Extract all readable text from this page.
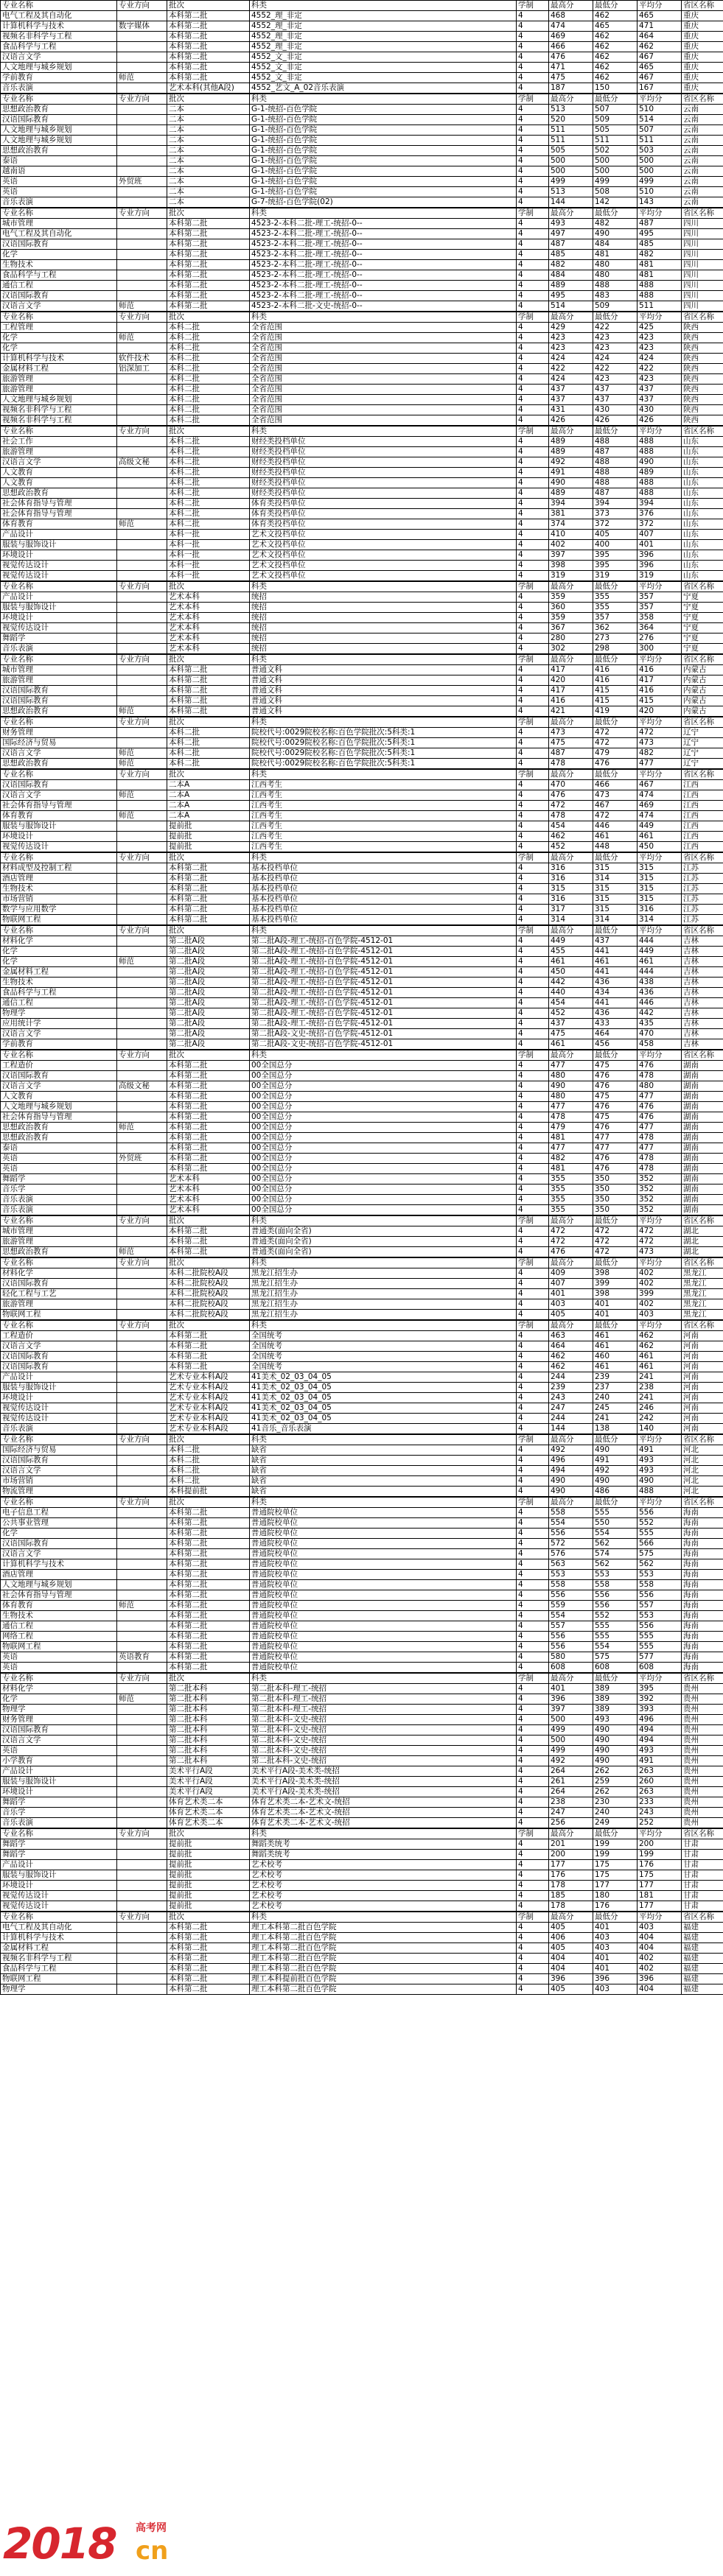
专业名称	专业方向	批次	科类	学制	最高分	最低分	平均分	省区名称
电气工程及其自动化		本科第二批	4552_理_非定	4	468	462	465	重庆
计算机科学与技术	数字媒体	本科第二批	4552_理_非定	4	474	465	471	重庆
视频名非科学与工程		本科第二批	4552_理_非定	4	469	462	464	重庆
食品科学与工程		本科第二批	4552_理_非定	4	466	462	462	重庆
汉语言文学		本科第二批	4552_文_非定	4	476	462	467	重庆
人文地理与城乡规划		本科第二批	4552_文_非定	4	471	462	465	重庆
学前教育	师范	本科第二批	4552_文_非定	4	475	462	467	重庆
音乐表演		艺术本科(其他A段)	4552_艺文_A_02音乐表演	4	187	150	167	重庆
专业名称	专业方向	批次	科类	学制	最高分	最低分	平均分	省区名称
思想政治教育		二本	G-1-统招-百色学院	4	513	507	510	云南
汉语国际教育		二本	G-1-统招-百色学院	4	520	509	514	云南
人文地理与城乡规划		二本	G-1-统招-百色学院	4	511	505	507	云南
人文地理与城乡规划		二本	G-1-统招-百色学院	4	511	511	511	云南
思想政治教育		二本	G-1-统招-百色学院	4	505	502	503	云南
泰语		二本	G-1-统招-百色学院	4	500	500	500	云南
越南语		二本	G-1-统招-百色学院	4	500	500	500	云南
英语	外贸班	二本	G-1-统招-百色学院	4	499	499	499	云南
英语		二本	G-1-统招-百色学院	4	513	508	510	云南
音乐表演		二本	G-7-统招-百色学院(02)	4	144	142	143	云南
专业名称	专业方向	批次	科类	学制	最高分	最低分	平均分	省区名称
城市管理		本科第二批	4523-2-本科二批-理工-统招-0--	4	493	482	487	四川
电气工程及其自动化		本科第二批	4523-2-本科二批-理工-统招-0--	4	497	490	495	四川
汉语国际教育		本科第二批	4523-2-本科二批-理工-统招-0--	4	487	484	485	四川
化学		本科第二批	4523-2-本科二批-理工-统招-0--	4	485	481	482	四川
生物技术		本科第二批	4523-2-本科二批-理工-统招-0--	4	482	480	481	四川
食品科学与工程		本科第二批	4523-2-本科二批-理工-统招-0--	4	484	480	481	四川
通信工程		本科第二批	4523-2-本科二批-理工-统招-0--	4	489	488	488	四川
汉语国际教育		本科第二批	4523-2-本科二批-理工-统招-0--	4	495	483	488	四川
汉语言文学	师范	本科第二批	4523-2-本科二批-文史-统招-0--	4	514	509	511	四川
专业名称	专业方向	批次	科类	学制	最高分	最低分	平均分	省区名称
工程管理		本科二批	全省范围	4	429	422	425	陕西
化学	师范	本科二批	全省范围	4	423	423	423	陕西
化学		本科二批	全省范围	4	423	423	423	陕西
计算机科学与技术	软件技术	本科二批	全省范围	4	424	424	424	陕西
金属材料工程	铝深加工	本科二批	全省范围	4	422	422	422	陕西
旅游管理		本科二批	全省范围	4	424	423	423	陕西
旅游管理		本科二批	全省范围	4	437	437	437	陕西
人文地理与城乡规划		本科二批	全省范围	4	437	437	437	陕西
视频名非科学与工程		本科二批	全省范围	4	431	430	430	陕西
视频名非科学与工程		本科二批	全省范围	4	426	426	426	陕西
专业名称	专业方向	批次	科类	学制	最高分	最低分	平均分	省区名称
社会工作		本科二批	财经类投档单位	4	489	488	488	山东
旅游管理		本科二批	财经类投档单位	4	489	487	488	山东
汉语言文学	高级文秘	本科二批	财经类投档单位	4	492	488	490	山东
人文教育		本科二批	财经类投档单位	4	491	488	489	山东
人文教育		本科二批	财经类投档单位	4	490	488	488	山东
思想政治教育		本科二批	财经类投档单位	4	489	487	488	山东
社会体育指导与管理		本科二批	体育类投档单位	4	394	394	394	山东
社会体育指导与管理		本科二批	体育类投档单位	4	381	373	376	山东
体育教育	师范	本科二批	体育类投档单位	4	374	372	372	山东
产品设计		本科一批	艺术文投档单位	4	410	405	407	山东
服装与服饰设计		本科一批	艺术文投档单位	4	402	400	401	山东
环境设计		本科一批	艺术文投档单位	4	397	395	396	山东
视觉传达设计		本科一批	艺术文投档单位	4	398	395	396	山东
视觉传达设计		本科一批	艺术文投档单位	4	319	319	319	山东
专业名称	专业方向	批次	科类	学制	最高分	最低分	平均分	省区名称
产品设计		艺术本科	统招	4	359	355	357	宁夏
服装与服饰设计		艺术本科	统招	4	360	355	357	宁夏
环境设计		艺术本科	统招	4	359	357	358	宁夏
视觉传达设计		艺术本科	统招	4	367	362	364	宁夏
舞蹈学		艺术本科	统招	4	280	273	276	宁夏
音乐表演		艺术本科	统招	4	302	298	300	宁夏
专业名称	专业方向	批次	科类	学制	最高分	最低分	平均分	省区名称
城市管理		本科第二批	普通文科	4	417	416	416	内蒙古
旅游管理		本科第二批	普通文科	4	420	416	417	内蒙古
汉语国际教育		本科第二批	普通文科	4	417	415	416	内蒙古
汉语国际教育		本科第二批	普通文科	4	416	415	415	内蒙古
思想政治教育	师范	本科第二批	普通文科	4	421	419	420	内蒙古
专业名称	专业方向	批次	科类	学制	最高分	最低分	平均分	省区名称
财务管理		本科二批	院校代号:0029院校名称:百色学院批次:5科类:1	4	473	472	472	辽宁
国际经济与贸易		本科二批	院校代号:0029院校名称:百色学院批次:5科类:1	4	475	472	473	辽宁
汉语言文学	师范	本科二批	院校代号:0029院校名称:百色学院批次:5科类:1	4	487	479	482	辽宁
思想政治教育	师范	本科二批	院校代号:0029院校名称:百色学院批次:5科类:1	4	478	476	477	辽宁
专业名称	专业方向	批次	科类	学制	最高分	最低分	平均分	省区名称
汉语国际教育		二本A	江西考生	4	470	466	467	江西
汉语言文学	师范	二本A	江西考生	4	476	473	474	江西
社会体育指导与管理		二本A	江西考生	4	472	467	469	江西
体育教育	师范	二本A	江西考生	4	478	472	474	江西
服装与服饰设计		提前批	江西考生	4	454	446	449	江西
环境设计		提前批	江西考生	4	462	461	461	江西
视觉传达设计		提前批	江西考生	4	452	448	450	江西
专业名称	专业方向	批次	科类	学制	最高分	最低分	平均分	省区名称
材料成型及控制工程		本科第二批	基本投档单位	4	316	315	315	江苏
酒店管理		本科第二批	基本投档单位	4	316	314	315	江苏
生物技术		本科第二批	基本投档单位	4	315	315	315	江苏
市场营销		本科第二批	基本投档单位	4	316	315	315	江苏
数学与应用数学		本科第二批	基本投档单位	4	317	315	316	江苏
物联网工程		本科第二批	基本投档单位	4	314	314	314	江苏
专业名称	专业方向	批次	科类	学制	最高分	最低分	平均分	省区名称
材料化学		第二批A段	第二批A段-理工-统招-百色学院-4512-01	4	449	437	444	吉林
化学		第二批A段	第二批A段-理工-统招-百色学院-4512-01	4	455	441	449	吉林
化学	师范	第二批A段	第二批A段-理工-统招-百色学院-4512-01	4	461	461	461	吉林
金属材料工程		第二批A段	第二批A段-理工-统招-百色学院-4512-01	4	450	441	444	吉林
生物技术		第二批A段	第二批A段-理工-统招-百色学院-4512-01	4	442	436	438	吉林
食品科学与工程		第二批A段	第二批A段-理工-统招-百色学院-4512-01	4	440	434	436	吉林
通信工程		第二批A段	第二批A段-理工-统招-百色学院-4512-01	4	454	441	446	吉林
物理学		第二批A段	第二批A段-理工-统招-百色学院-4512-01	4	452	436	442	吉林
应用统计学		第二批A段	第二批A段-理工-统招-百色学院-4512-01	4	437	433	435	吉林
汉语言文学		第二批A段	第二批A段-文史-统招-百色学院-4512-01	4	475	464	470	吉林
学前教育		第二批A段	第二批A段-文史-统招-百色学院-4512-01	4	461	456	458	吉林
专业名称	专业方向	批次	科类	学制	最高分	最低分	平均分	省区名称
工程造价		本科第二批	00全国总分	4	477	475	476	湖南
汉语国际教育		本科第二批	00全国总分	4	480	476	478	湖南
汉语言文学	高级文秘	本科第二批	00全国总分	4	490	476	480	湖南
人文教育		本科第二批	00全国总分	4	480	475	477	湖南
人文地理与城乡规划		本科第二批	00全国总分	4	477	476	476	湖南
社会体育指导与管理		本科第二批	00全国总分	4	478	475	476	湖南
思想政治教育	师范	本科第二批	00全国总分	4	479	476	477	湖南
思想政治教育		本科第二批	00全国总分	4	481	477	478	湖南
泰语		本科第二批	00全国总分	4	477	477	477	湖南
英语	外贸班	本科第二批	00全国总分	4	482	476	478	湖南
英语		本科第二批	00全国总分	4	481	476	478	湖南
舞蹈学		艺术本科	00全国总分	4	355	350	352	湖南
音乐学		艺术本科	00全国总分	4	355	350	352	湖南
音乐表演		艺术本科	00全国总分	4	355	350	352	湖南
音乐表演		艺术本科	00全国总分	4	355	350	352	湖南
专业名称	专业方向	批次	科类	学制	最高分	最低分	平均分	省区名称
城市管理		本科第二批	普通类(面向全省)	4	472	472	472	湖北
旅游管理		本科第二批	普通类(面向全省)	4	472	472	472	湖北
思想政治教育	师范	本科第二批	普通类(面向全省)	4	476	472	473	湖北
专业名称	专业方向	批次	科类	学制	最高分	最低分	平均分	省区名称
材料化学		本科二批院校A段	黑龙江招生办	4	409	398	402	黑龙江
汉语国际教育		本科二批院校A段	黑龙江招生办	4	407	399	402	黑龙江
轻化工程与工艺		本科二批院校A段	黑龙江招生办	4	401	398	399	黑龙江
旅游管理		本科二批院校A段	黑龙江招生办	4	403	401	402	黑龙江
物联网工程		本科二批院校A段	黑龙江招生办	4	405	401	403	黑龙江
专业名称	专业方向	批次	科类	学制	最高分	最低分	平均分	省区名称
工程造价		本科第二批	全国统考	4	463	461	462	河南
汉语言文学		本科第二批	全国统考	4	464	461	462	河南
汉语国际教育		本科第二批	全国统考	4	462	460	461	河南
汉语国际教育		本科第二批	全国统考	4	462	461	461	河南
产品设计		艺术专业本科A段	41美术_02_03_04_05	4	244	239	241	河南
服装与服饰设计		艺术专业本科A段	41美术_02_03_04_05	4	239	237	238	河南
环境设计		艺术专业本科A段	41美术_02_03_04_05	4	243	240	241	河南
视觉传达设计		艺术专业本科A段	41美术_02_03_04_05	4	247	245	246	河南
视觉传达设计		艺术专业本科A段	41美术_02_03_04_05	4	244	241	242	河南
音乐表演		艺术专业本科A段	41音乐_音乐表演	4	144	138	140	河南
专业名称	专业方向	批次	科类	学制	最高分	最低分	平均分	省区名称
国际经济与贸易		本科二批	缺省	4	492	490	491	河北
汉语国际教育		本科二批	缺省	4	496	491	493	河北
汉语言文学		本科二批	缺省	4	494	492	493	河北
市场营销		本科二批	缺省	4	490	490	490	河北
物流管理		本科提前批	缺省	4	490	486	488	河北
专业名称	专业方向	批次	科类	学制	最高分	最低分	平均分	省区名称
电子信息工程		本科第二批	普通院校单位	4	558	555	556	海南
公共事业管理		本科第二批	普通院校单位	4	554	550	552	海南
化学		本科第二批	普通院校单位	4	556	554	555	海南
汉语国际教育		本科第二批	普通院校单位	4	572	562	566	海南
汉语言文学		本科第二批	普通院校单位	4	576	574	575	海南
计算机科学与技术		本科第二批	普通院校单位	4	563	562	562	海南
酒店管理		本科第二批	普通院校单位	4	553	553	553	海南
人文地理与城乡规划		本科第二批	普通院校单位	4	558	558	558	海南
社会体育指导与管理		本科第二批	普通院校单位	4	556	556	556	海南
体育教育	师范	本科第二批	普通院校单位	4	559	556	557	海南
生物技术		本科第二批	普通院校单位	4	554	552	553	海南
通信工程		本科第二批	普通院校单位	4	557	555	556	海南
网络工程		本科第二批	普通院校单位	4	556	555	555	海南
物联网工程		本科第二批	普通院校单位	4	556	554	555	海南
英语	英语教育	本科第二批	普通院校单位	4	580	575	577	海南
英语		本科第二批	普通院校单位	4	608	608	608	海南
专业名称	专业方向	批次	科类	学制	最高分	最低分	平均分	省区名称
材料化学		第二批本科	第二批本科-理工-统招	4	401	389	395	贵州
化学	师范	第二批本科	第二批本科-理工-统招	4	396	389	392	贵州
物理学		第二批本科	第二批本科-理工-统招	4	397	389	393	贵州
财务管理		第二批本科	第二批本科-文史-统招	4	500	493	496	贵州
汉语国际教育		第二批本科	第二批本科-文史-统招	4	499	490	494	贵州
汉语言文学		第二批本科	第二批本科-文史-统招	4	500	490	494	贵州
英语		第二批本科	第二批本科-文史-统招	4	499	490	493	贵州
小学教育		第二批本科	第二批本科-文史-统招	4	492	490	491	贵州
产品设计		美术平行A段	美术平行A段-美术类-统招	4	264	262	263	贵州
服装与服饰设计		美术平行A段	美术平行A段-美术类-统招	4	261	259	260	贵州
环境设计		美术平行A段	美术平行A段-美术类-统招	4	264	262	263	贵州
舞蹈学		体育艺术类二本	体育艺术类二本-艺术文-统招	4	238	230	233	贵州
音乐学		体育艺术类二本	体育艺术类二本-艺术文-统招	4	247	240	243	贵州
音乐表演		体育艺术类二本	体育艺术类二本-艺术文-统招	4	256	249	252	贵州
专业名称	专业方向	批次	科类	学制	最高分	最低分	平均分	省区名称
舞蹈学		提前批	舞蹈类统考	4	201	199	200	甘肃
舞蹈学		提前批	舞蹈类统考	4	200	199	199	甘肃
产品设计		提前批	艺术校考	4	177	175	176	甘肃
服装与服饰设计		提前批	艺术校考	4	176	175	175	甘肃
环境设计		提前批	艺术校考	4	178	177	177	甘肃
视觉传达设计		提前批	艺术校考	4	185	180	181	甘肃
视觉传达设计		提前批	艺术校考	4	178	176	177	甘肃
专业名称	专业方向	批次	科类	学制	最高分	最低分	平均分	省区名称
电气工程及其自动化		本科第二批	理工本科第二批百色学院	4	405	401	403	福建
计算机科学与技术		本科第二批	理工本科第二批百色学院	4	406	403	404	福建
金属材料工程		本科第二批	理工本科第二批百色学院	4	405	403	404	福建
视频名非科学与工程		本科第二批	理工本科第二批百色学院	4	404	401	402	福建
食品科学与工程		本科第二批	理工本科第二批百色学院	4	404	401	402	福建
物联网工程		本科第二批	理工本科提前批百色学院	4	396	396	396	福建
物理学		本科第二批	理工本科第二批百色学院	4	405	403	404	福建
2018 高考网
cn
